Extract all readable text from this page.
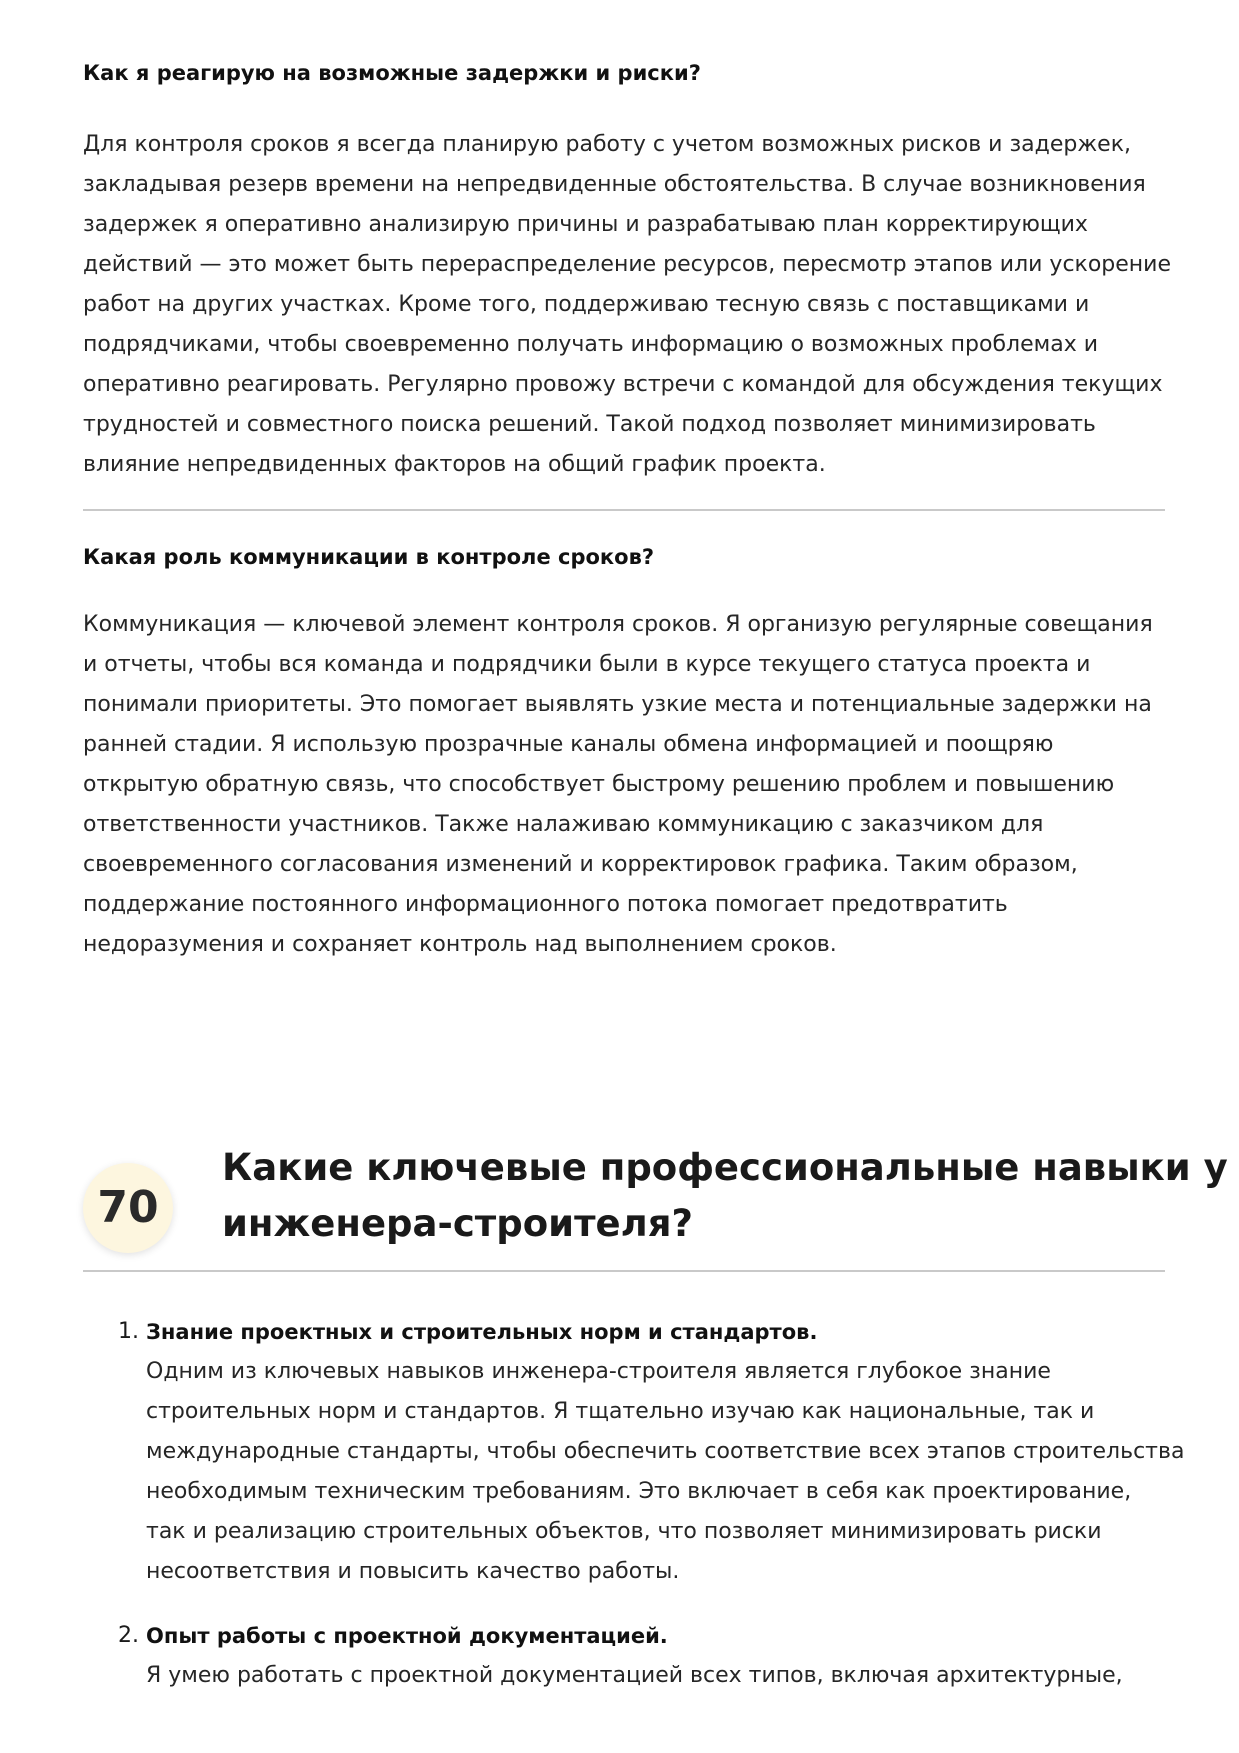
Как я реагирую на возможные задержки и риски?

Для контроля сроков я всегда планирую работу с учетом возможных рисков и задержек,
закладывая резерв времени на непредвиденные обстоятельства. В случае возникновения
задержек я оперативно анализирую причины и разрабатываю план корректирующих
действий — это может быть перераспределение ресурсов, пересмотр этапов или ускорение
работ на других участках. Кроме того, поддерживаю тесную связь с поставщиками и
подрядчиками, чтобы своевременно получать информацию о возможных проблемах и
оперативно реагировать. Регулярно провожу встречи с командой для обсуждения текущих
трудностей и совместного поиска решений. Такой подход позволяет минимизировать
влияние непредвиденных факторов на общий график проекта.

Какая роль коммуникации в контроле сроков?

Коммуникация — ключевой элемент контроля сроков. Я организую регулярные совещания
и отчеты, чтобы вся команда и подрядчики были в курсе текущего статуса проекта и
понимали приоритеты. Это помогает выявлять узкие места и потенциальные задержки на
ранней стадии. Я использую прозрачные каналы обмена информацией и поощряю
открытую обратную связь, что способствует быстрому решению проблем и повышению
ответственности участников. Также налаживаю коммуникацию с заказчиком для
своевременного согласования изменений и корректировок графика. Таким образом,
поддержание постоянного информационного потока помогает предотвратить
недоразумения и сохраняет контроль над выполнением сроков.

70
Какие ключевые профессиональные навыки у
инженера-строителя?
1. Знание проектных и строительных норм и стандартов.
Одним из ключевых навыков инженера-строителя является глубокое знание
строительных норм и стандартов. Я тщательно изучаю как национальные, так и
международные стандарты, чтобы обеспечить соответствие всех этапов строительства
необходимым техническим требованиям. Это включает в себя как проектирование,
так и реализацию строительных объектов, что позволяет минимизировать риски
несоответствия и повысить качество работы.
2. Опыт работы с проектной документацией.
Я умею работать с проектной документацией всех типов, включая архитектурные,
